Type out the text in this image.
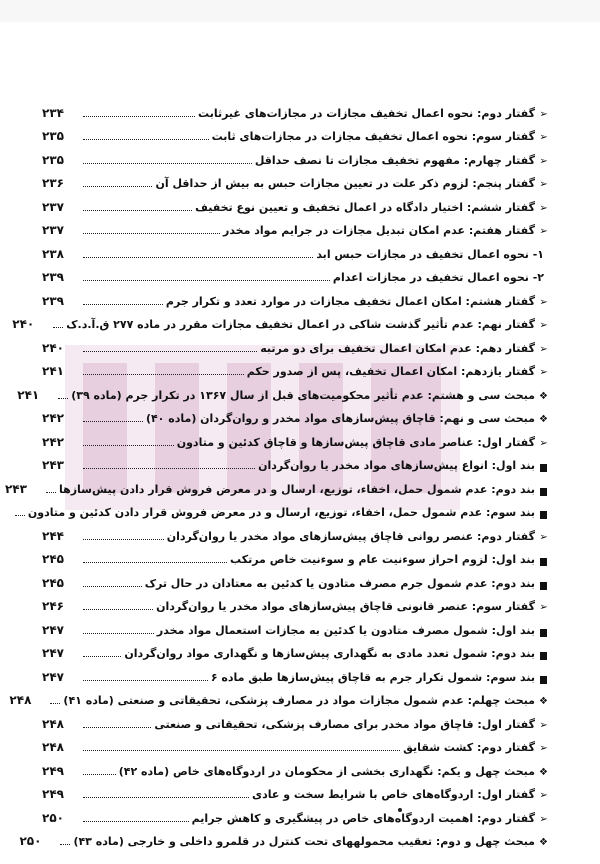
➢
گفتار دوم: نحوه اعمال تخفیف مجازات در مجازات‌های غیرثابت
۲۳۴
➢
گفتار سوم: نحوه اعمال تخفیف مجازات در مجازات‌های ثابت
۲۳۵
➢
گفتار چهارم: مفهوم تخفیف مجازات تا نصف حداقل
۲۳۵
➢
گفتار پنجم: لزوم ذکر علت در تعیین مجازات حبس به بیش از حداقل آن
۲۳۶
➢
گفتار ششم: اختیار دادگاه در اعمال تخفیف و تعیین نوع تخفیف
۲۳۷
➢
گفتار هفتم: عدم امکان تبدیل مجازات در جرایم مواد مخدر
۲۳۷
۱- نحوه اعمال تخفیف در مجازات حبس ابد
۲۳۸
۲- نحوه اعمال تخفیف در مجازات اعدام
۲۳۹
➢
گفتار هشتم: امکان اعمال تخفیف مجازات در موارد تعدد و تکرار جرم
۲۳۹
➢
گفتار نهم: عدم تأثیر گذشت شاکی در اعمال تخفیف مجازات مقرر در ماده ۲۷۷ ق.آ.د.ک
۲۴۰
➢
گفتار دهم: عدم امکان اعمال تخفیف برای دو مرتبه
۲۴۰
➢
گفتار یازدهم: امکان اعمال تخفیف، پس از صدور حکم
۲۴۱
❖
مبحث سی و هشتم: عدم تأثیر محکومیت‌های قبل از سال ۱۳۶۷ در تکرار جرم (ماده ۳۹)
۲۴۱
❖
مبحث سی و نهم: قاچاق پیش‌سازهای مواد مخدر و روان‌گردان (ماده ۴۰)
۲۴۲
➢
گفتار اول: عناصر مادی قاچاق پیش‌سازها و قاچاق کدئین و متادون
۲۴۲
بند اول: انواع پیش‌سازهای مواد مخدر یا روان‌گردان
۲۴۳
بند دوم: عدم شمول حمل، اخفاء، توزیع، ارسال و در معرض فروش قرار دادن پیش‌سازها
۲۴۳
بند سوم: عدم شمول حمل، اخفاء، توزیع، ارسال و در معرض فروش قرار دادن کدئین و متادون
➢
گفتار دوم: عنصر روانی قاچاق پیش‌سازهای مواد مخدر یا روان‌گردان
۲۴۴
بند اول: لزوم احراز سوءنیت عام و سوءنیت خاص مرتکب
۲۴۵
بند دوم: عدم شمول جرم مصرف متادون یا کدئین به معتادان در حال ترک
۲۴۵
➢
گفتار سوم: عنصر قانونی قاچاق پیش‌سازهای مواد مخدر یا روان‌گردان
۲۴۶
بند اول: شمول مصرف متادون یا کدئین به مجازات استعمال مواد مخدر
۲۴۷
بند دوم: شمول تعدد مادی به نگهداری پیش‌سازها و نگهداری مواد روان‌گردان
۲۴۷
بند سوم: شمول تکرار جرم به قاچاق پیش‌سازها طبق ماده ۶
۲۴۷
❖
مبحث چهلم: عدم شمول مجازات مواد در مصارف پزشکی، تحقیقاتی و صنعتی (ماده ۴۱)
۲۴۸
➢
گفتار اول: قاچاق مواد مخدر برای مصارف پزشکی، تحقیقاتی و صنعتی
۲۴۸
➢
گفتار دوم: کشت شقایق
۲۴۸
❖
مبحث چهل و یکم: نگهداری بخشی از محکومان در اردوگاه‌های خاص (ماده ۴۲)
۲۴۹
➢
گفتار اول: اردوگاه‌های خاص با شرایط سخت و عادی
۲۴۹
➢
گفتار دوم: اهمیت اردوگاه‌های خاص در پیشگیری و کاهش جرایم
۲۵۰
❖
مبحث چهل و دوم: تعقیب محمولههای تحت کنترل در قلمرو داخلی و خارجی (ماده ۴۳)
۲۵۰
